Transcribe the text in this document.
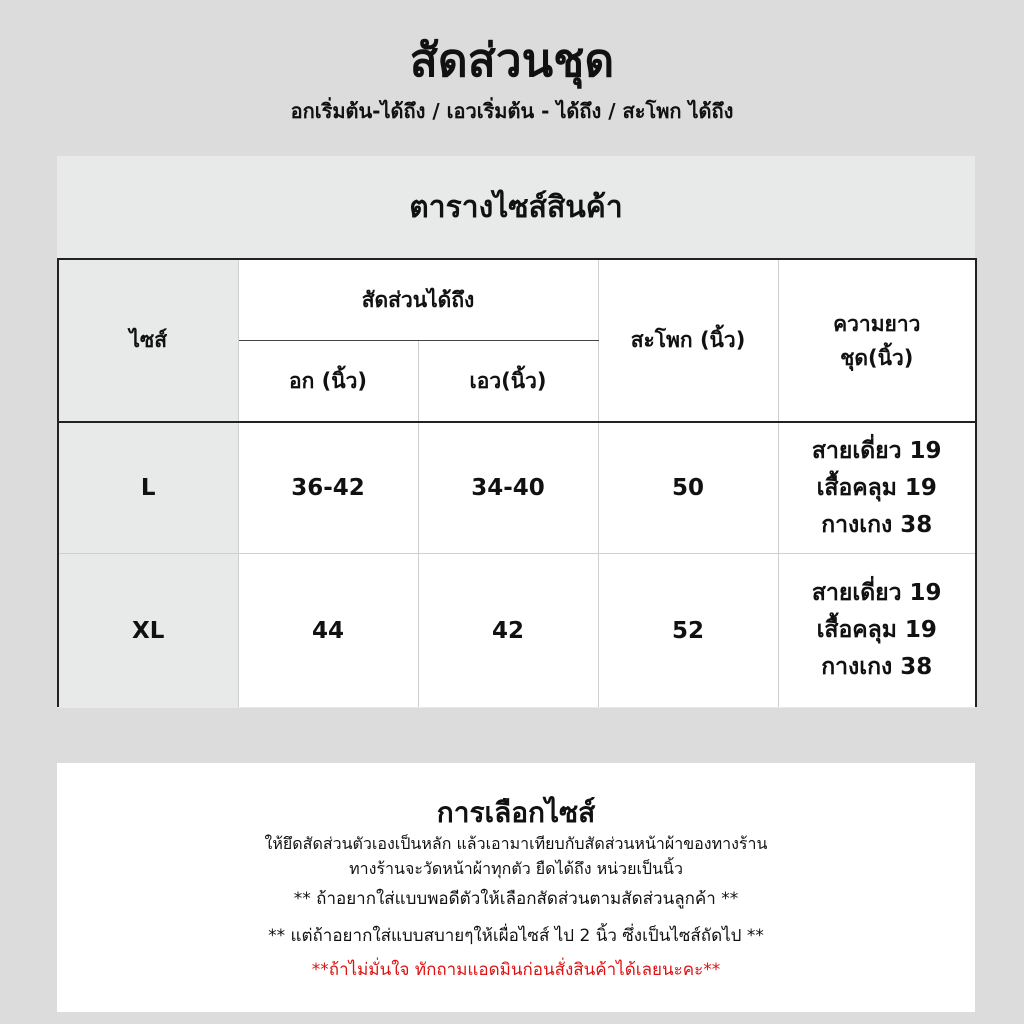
สัดส่วนชุด
อกเริ่มต้น-ได้ถึง / เอวเริ่มต้น - ได้ถึง / สะโพก ได้ถึง
ตารางไซส์สินค้า
ไซส์	สัดส่วนได้ถึง		สะโพก (นิ้ว)	ความยาว
ชุด(นิ้ว)

	อก (นิ้ว)	เอว(นิ้ว)		
L	36-42	34-40	50	สายเดี่ยว 19
เสื้อคลุม 19
กางเกง 38

XL	44	42	52	สายเดี่ยว 19
เสื้อคลุม 19
กางเกง 38
การเลือกไซส์
ให้ยึดสัดส่วนตัวเองเป็นหลัก แล้วเอามาเทียบกับสัดส่วนหน้าผ้าของทางร้าน
ทางร้านจะวัดหน้าผ้าทุกตัว ยืดได้ถึง หน่วยเป็นนิ้ว
** ถ้าอยากใส่แบบพอดีตัวให้เลือกสัดส่วนตามสัดส่วนลูกค้า **
** แต่ถ้าอยากใส่แบบสบายๆให้เผื่อไซส์ ไป 2 นิ้ว ซึ่งเป็นไซส์ถัดไป **
**ถ้าไม่มั่นใจ ทักถามแอดมินก่อนสั่งสินค้าได้เลยนะคะ**
